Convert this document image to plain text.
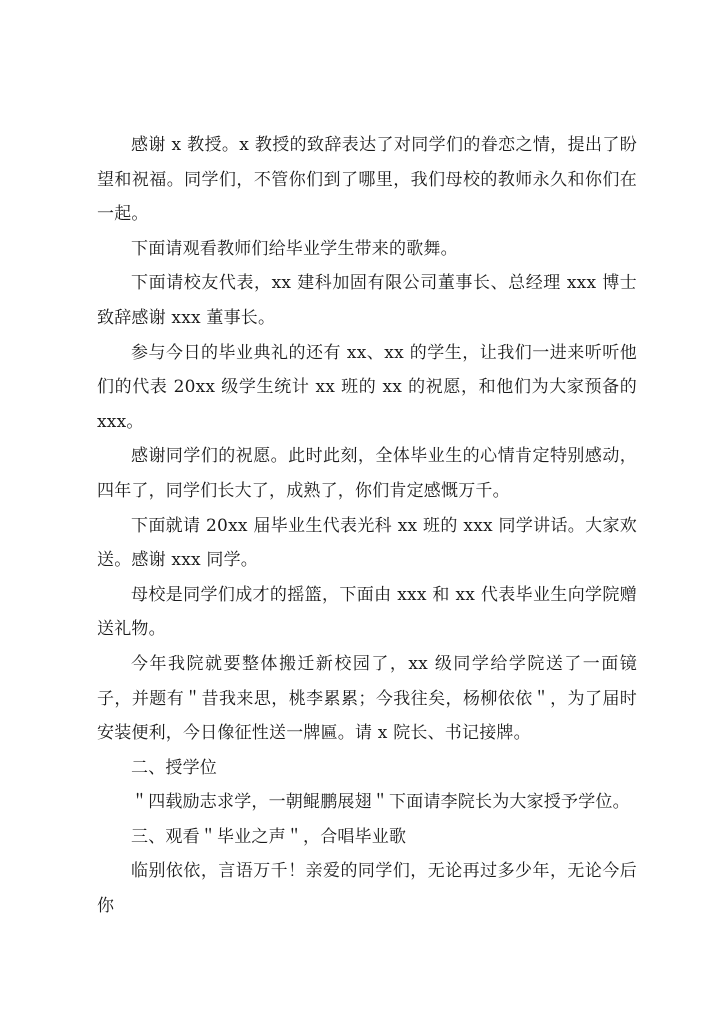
感谢 x 教授。x 教授的致辞表达了对同学们的眷恋之情，提出了盼望和祝福。同学们，不管你们到了哪里，我们母校的教师永久和你们在一起。

下面请观看教师们给毕业学生带来的歌舞。

下面请校友代表，xx 建科加固有限公司董事长、总经理 xxx 博士致辞感谢 xxx 董事长。

参与今日的毕业典礼的还有 xx、xx 的学生，让我们一进来听听他们的代表 20xx 级学生统计 xx 班的 xx 的祝愿，和他们为大家预备的 xxx。

感谢同学们的祝愿。此时此刻，全体毕业生的心情肯定特别感动，四年了，同学们长大了，成熟了，你们肯定感慨万千。

下面就请 20xx 届毕业生代表光科 xx 班的 xxx 同学讲话。大家欢送。感谢 xxx 同学。

母校是同学们成才的摇篮，下面由 xxx 和 xx 代表毕业生向学院赠送礼物。

今年我院就要整体搬迁新校园了，xx 级同学给学院送了一面镜子，并题有＂昔我来思，桃李累累；今我往矣，杨柳依依＂，为了届时安装便利，今日像征性送一牌匾。请 x 院长、书记接牌。

二、授学位

＂四载励志求学，一朝鲲鹏展翅＂下面请李院长为大家授予学位。

三、观看＂毕业之声＂，合唱毕业歌

临别依依，言语万千！亲爱的同学们，无论再过多少年，无论今后你
